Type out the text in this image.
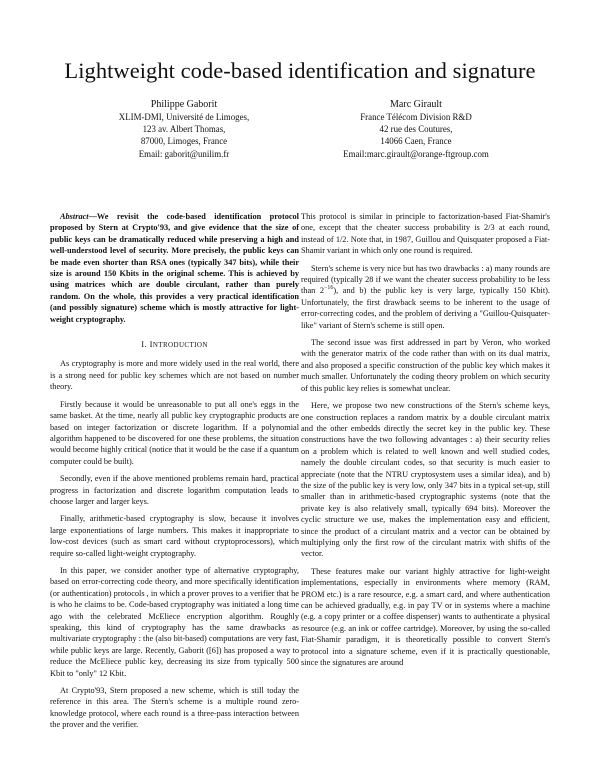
Lightweight code-based identification and signature
Philippe Gaborit
XLIM-DMI, Université de Limoges,
123 av. Albert Thomas,
87000, Limoges, France
Email: gaborit@unilim.fr
Marc Girault
France Télécom Division R&D
42 rue des Coutures,
14066 Caen, France
Email:marc.girault@orange-ftgroup.com

Abstract—We revisit the code-based identification protocol proposed by Stern at Crypto'93, and give evidence that the size of public keys can be dramatically reduced while preserving a high and well-understood level of security. More precisely, the public keys can be made even shorter than RSA ones (typically 347 bits), while their size is around 150 Kbits in the original scheme. This is achieved by using matrices which are double circulant, rather than purely random. On the whole, this provides a very practical identification (and possibly signature) scheme which is mostly attractive for light-weight cryptography.

I. INTRODUCTION

As cryptography is more and more widely used in the real world, there is a strong need for public key schemes which are not based on number theory.

Firstly because it would be unreasonable to put all one's eggs in the same basket. At the time, nearly all public key cryptographic products are based on integer factorization or discrete logarithm. If a polynomial algorithm happened to be discovered for one these problems, the situation would become highly critical (notice that it would be the case if a quantum computer could be built).

Secondly, even if the above mentioned problems remain hard, practical progress in factorization and discrete logarithm computation leads to choose larger and larger keys.

Finally, arithmetic-based cryptography is slow, because it involves large exponentiations of large numbers. This makes it inappropriate to low-cost devices (such as smart card without cryptoprocessors), which require so-called light-weight cryptography.

In this paper, we consider another type of alternative cryptography, based on error-correcting code theory, and more specifically identification (or authentication) protocols , in which a prover proves to a verifier that he is who he claims to be. Code-based cryptography was initiated a long time ago with the celebrated McEliece encryption algorithm. Roughly speaking, this kind of cryptography has the same drawbacks as multivariate cryptography : the (also bit-based) computations are very fast, while public keys are large. Recently, Gaborit ([6]) has proposed a way to reduce the McEliece public key, decreasing its size from typically 500 Kbit to "only" 12 Kbit.

At Crypto'93, Stern proposed a new scheme, which is still today the reference in this area. The Stern's scheme is a multiple round zero-knowledge protocol, where each round is a three-pass interaction between the prover and the verifier.

This protocol is similar in principle to factorization-based Fiat-Shamir's one, except that the cheater success probability is 2/3 at each round, instead of 1/2. Note that, in 1987, Guillou and Quisquater proposed a Fiat-Shamir variant in which only one round is required.

Stern's scheme is very nice but has two drawbacks : a) many rounds are required (typically 28 if we want the cheater success probability to be less than $2^{-16}$), and b) the public key is very large, typically 150 Kbit). Unfortunately, the first drawback seems to be inherent to the usage of error-correcting codes, and the problem of deriving a "Guillou-Quisquater-like" variant of Stern's scheme is still open.

The second issue was first addressed in part by Veron, who worked with the generator matrix of the code rather than with on its dual matrix, and also proposed a specific construction of the public key which makes it much smaller. Unfortunately the coding theory problem on which security of this public key relies is somewhat unclear.

Here, we propose two new constructions of the Stern's scheme keys, one construction replaces a random matrix by a double circulant matrix and the other embedds directly the secret key in the public key. These constructions have the two following advantages : a) their security relies on a problem which is related to well known and well studied codes, namely the double circulant codes, so that security is much easier to appreciate (note that the NTRU cryptosystem uses a similar idea), and b) the size of the public key is very low, only 347 bits in a typical set-up, still smaller than in arithmetic-based cryptographic systems (note that the private key is also relatively small, typically 694 bits). Moreover the cyclic structure we use, makes the implementation easy and efficient, since the product of a circulant matrix and a vector can be obtained by multiplying only the first row of the circulant matrix with shifts of the vector.

These features make our variant highly attractive for light-weight implementations, especially in environments where memory (RAM, PROM etc.) is a rare resource, e.g. a smart card, and where authentication can be achieved gradually, e.g. in pay TV or in systems where a machine (e.g. a copy printer or a coffee dispenser) wants to authenticate a physical resource (e.g. an ink or coffee cartridge). Moreover, by using the so-called Fiat-Shamir paradigm, it is theoretically possible to convert Stern's protocol into a signature scheme, even if it is practically questionable, since the signatures are around
